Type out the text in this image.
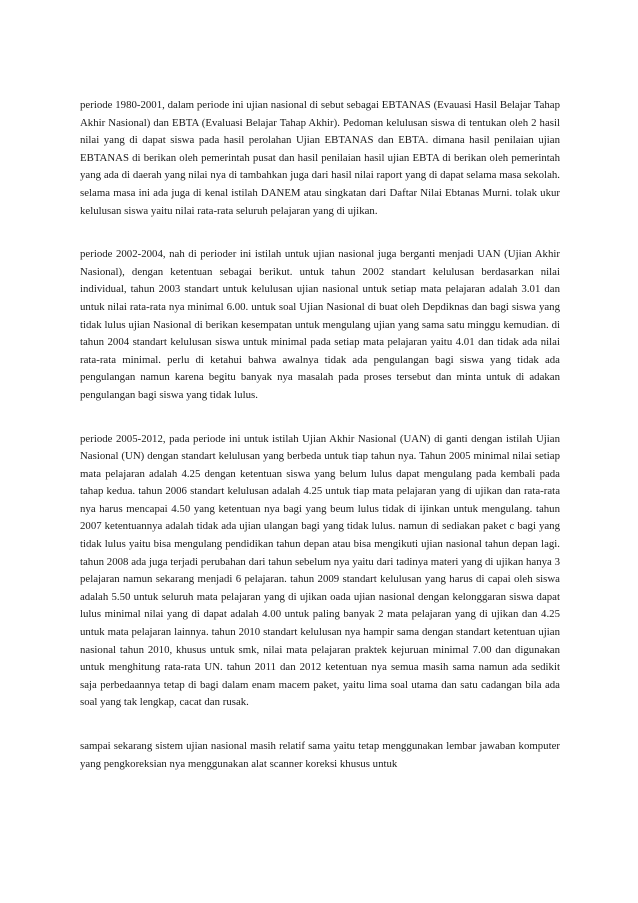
periode 1980-2001, dalam periode ini ujian nasional di sebut sebagai EBTANAS (Evauasi Hasil Belajar Tahap Akhir Nasional) dan EBTA (Evaluasi Belajar Tahap Akhir). Pedoman kelulusan siswa di tentukan oleh 2 hasil nilai yang di dapat siswa pada hasil perolahan Ujian EBTANAS dan EBTA. dimana hasil penilaian ujian EBTANAS di berikan oleh pemerintah pusat dan hasil penilaian hasil ujian EBTA di berikan oleh pemerintah yang ada di daerah yang nilai nya di tambahkan juga dari hasil nilai raport yang di dapat selama masa sekolah. selama masa ini ada juga di kenal istilah DANEM atau singkatan dari Daftar Nilai Ebtanas Murni. tolak ukur kelulusan siswa yaitu nilai rata-rata seluruh pelajaran yang di ujikan.

periode 2002-2004, nah di perioder ini istilah untuk ujian nasional juga berganti menjadi UAN (Ujian Akhir Nasional), dengan ketentuan sebagai berikut. untuk tahun 2002 standart kelulusan berdasarkan nilai individual, tahun 2003 standart untuk kelulusan ujian nasional untuk setiap mata pelajaran adalah 3.01 dan untuk nilai rata-rata nya minimal 6.00. untuk soal Ujian Nasional di buat oleh Depdiknas dan bagi siswa yang tidak lulus ujian Nasional di berikan kesempatan untuk mengulang ujian yang sama satu minggu kemudian. di tahun 2004 standart kelulusan siswa untuk minimal pada setiap mata pelajaran yaitu 4.01 dan tidak ada nilai rata-rata minimal. perlu di ketahui bahwa awalnya tidak ada pengulangan bagi siswa yang tidak ada pengulangan namun karena begitu banyak nya masalah pada proses tersebut dan minta untuk di adakan pengulangan bagi siswa yang tidak lulus.

periode 2005-2012, pada periode ini untuk istilah Ujian Akhir Nasional (UAN) di ganti dengan istilah Ujian Nasional (UN) dengan standart kelulusan yang berbeda untuk tiap tahun nya. Tahun 2005 minimal nilai setiap mata pelajaran adalah 4.25 dengan ketentuan siswa yang belum lulus dapat mengulang pada kembali pada tahap kedua. tahun 2006 standart kelulusan adalah 4.25 untuk tiap mata pelajaran yang di ujikan dan rata-rata nya harus mencapai 4.50 yang ketentuan nya bagi yang beum lulus tidak di ijinkan untuk mengulang. tahun 2007 ketentuannya adalah tidak ada ujian ulangan bagi yang tidak lulus. namun di sediakan paket c bagi yang tidak lulus yaitu bisa mengulang pendidikan tahun depan atau bisa mengikuti ujian nasional tahun depan lagi. tahun 2008 ada juga terjadi perubahan dari tahun sebelum nya yaitu dari tadinya materi yang di ujikan hanya 3 pelajaran namun sekarang menjadi 6 pelajaran. tahun 2009 standart kelulusan yang harus di capai oleh siswa adalah 5.50 untuk seluruh mata pelajaran yang di ujikan oada ujian nasional dengan kelonggaran siswa dapat lulus minimal nilai yang di dapat adalah 4.00 untuk paling banyak 2 mata pelajaran yang di ujikan dan 4.25 untuk mata pelajaran lainnya. tahun 2010 standart kelulusan nya hampir sama dengan standart ketentuan ujian nasional tahun 2010, khusus untuk smk, nilai mata pelajaran praktek kejuruan minimal 7.00 dan digunakan untuk menghitung rata-rata UN. tahun 2011 dan 2012 ketentuan nya semua masih sama namun ada sedikit saja perbedaannya tetap di bagi dalam enam macem paket, yaitu lima soal utama dan satu cadangan bila ada soal yang tak lengkap, cacat dan rusak.

sampai sekarang sistem ujian nasional masih relatif sama yaitu tetap menggunakan lembar jawaban komputer yang pengkoreksian nya menggunakan alat scanner koreksi khusus untuk
